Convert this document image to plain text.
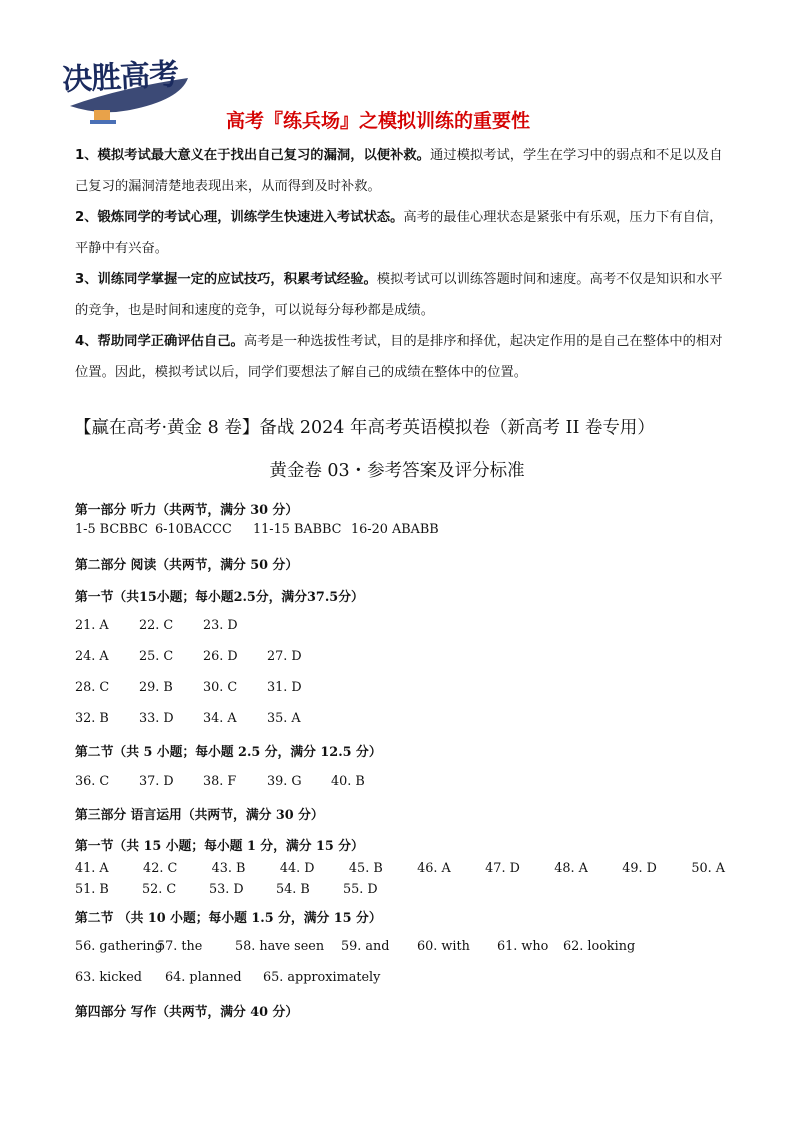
决胜高考
高考『练兵场』之模拟训练的重要性

1、模拟考试最大意义在于找出自己复习的漏洞，以便补救。通过模拟考试，学生在学习中的弱点和不足以及自己复习的漏洞清楚地表现出来，从而得到及时补救。

2、锻炼同学的考试心理，训练学生快速进入考试状态。高考的最佳心理状态是紧张中有乐观，压力下有自信，平静中有兴奋。

3、训练同学掌握一定的应试技巧，积累考试经验。模拟考试可以训练答题时间和速度。高考不仅是知识和水平的竞争，也是时间和速度的竞争，可以说每分每秒都是成绩。

4、帮助同学正确评估自己。高考是一种选拔性考试，目的是排序和择优，起决定作用的是自己在整体中的相对位置。因此，模拟考试以后，同学们要想法了解自己的成绩在整体中的位置。

【赢在高考·黄金 8 卷】备战 2024 年高考英语模拟卷（新高考 II 卷专用）
黄金卷 03・参考答案及评分标准
第一部分 听力（共两节，满分 30 分）
1-5 BCBBC 6-10BACCC 11-15 BABBC 16-20 ABABB
第二部分 阅读（共两节，满分 50 分）
第一节（共15小题；每小题2.5分，满分37.5分）
21. A 22. C 23. D
24. A 25. C 26. D 27. D
28. C 29. B 30. C 31. D
32. B 33. D 34. A 35. A
第二节（共 5 小题；每小题 2.5 分，满分 12.5 分）
36. C 37. D 38. F 39. G 40. B
第三部分 语言运用（共两节，满分 30 分）
第一节（共 15 小题；每小题 1 分，满分 15 分）
41. A	42. C	43. B	44. D	45. B	46. A	47. D	48. A	49. D	50. A
51. B	52. C	53. D	54. B	55. D
第二节 （共 10 小题；每小题 1.5 分，满分 15 分）
56. gathering57. the	58. have seen 59. and 60. with 61. who 62. looking
63. kicked 64. planned 65. approximately
第四部分 写作（共两节，满分 40 分）
